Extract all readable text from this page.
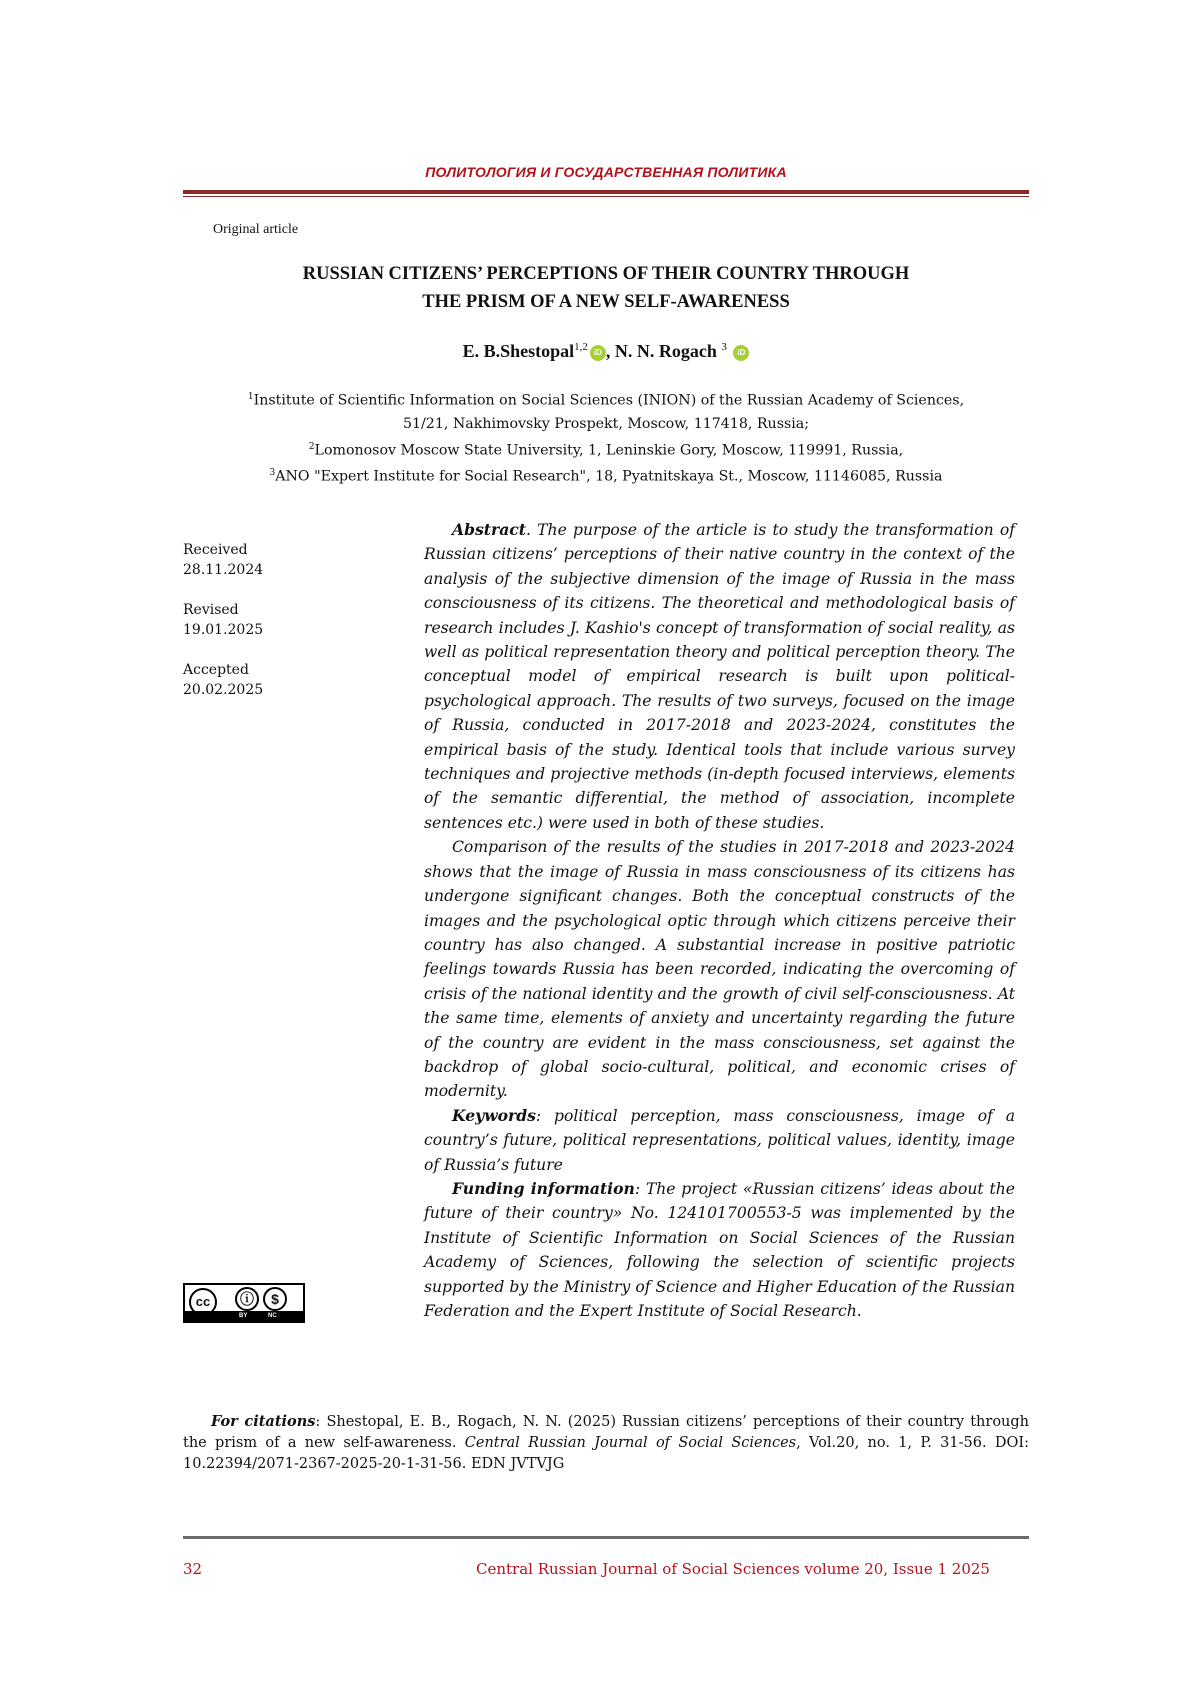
ПОЛИТОЛОГИЯ И ГОСУДАРСТВЕННАЯ ПОЛИТИКА
Original article
RUSSIAN CITIZENS’ PERCEPTIONS OF THEIR COUNTRY THROUGH
THE PRISM OF A NEW SELF-AWARENESS
E. B.Shestopal$^{1,2}$ iD , N. N. Rogach $^3$ iD
$^1$Institute of Scientific Information on Social Sciences (INION) of the Russian Academy of Sciences,
51/21, Nakhimovsky Prospekt, Moscow, 117418, Russia;
$^2$Lomonosov Moscow State University, 1, Leninskie Gory, Moscow, 119991, Russia,
$^3$ANO "Expert Institute for Social Research", 18, Pyatnitskaya St., Moscow, 11146085, Russia
Received
28.11.2024
Revised
19.01.2025
Accepted
20.02.2025
cc	ⓘ	$
BY	NC

Abstract. The purpose of the article is to study the transformation of Russian citizens’ perceptions of their native country in the context of the analysis of the subjective dimension of the image of Russia in the mass consciousness of its citizens. The theoretical and methodological basis of research includes J. Kashio's concept of transformation of social reality, as well as political representation theory and political perception theory. The conceptual model of empirical research is built upon political-psychological approach. The results of two surveys, focused on the image of Russia, conducted in 2017-2018 and 2023-2024, constitutes the empirical basis of the study. Identical tools that include various survey techniques and projective methods (in-depth focused interviews, elements of the semantic differential, the method of association, incomplete sentences etc.) were used in both of these studies.

Comparison of the results of the studies in 2017-2018 and 2023-2024 shows that the image of Russia in mass consciousness of its citizens has undergone significant changes. Both the conceptual constructs of the images and the psychological optic through which citizens perceive their country has also changed. A substantial increase in positive patriotic feelings towards Russia has been recorded, indicating the overcoming of crisis of the national identity and the growth of civil self-consciousness. At the same time, elements of anxiety and uncertainty regarding the future of the country are evident in the mass consciousness, set against the backdrop of global socio-cultural, political, and economic crises of modernity.

Keywords: political perception, mass consciousness, image of a country’s future, political representations, political values, identity, image of Russia’s future

Funding information: The project «Russian citizens’ ideas about the future of their country» No. 124101700553-5 was implemented by the Institute of Scientific Information on Social Sciences of the Russian Academy of Sciences, following the selection of scientific projects supported by the Ministry of Science and Higher Education of the Russian Federation and the Expert Institute of Social Research.

For citations: Shestopal, E. B., Rogach, N. N. (2025) Russian citizens’ perceptions of their country through the prism of a new self-awareness. Central Russian Journal of Social Sciences, Vol.20, no. 1, P. 31-56. DOI: 10.22394/2071-2367-2025-20-1-31-56. EDN JVTVJG

32	Central Russian Journal of Social Sciences volume 20, Issue 1 2025
